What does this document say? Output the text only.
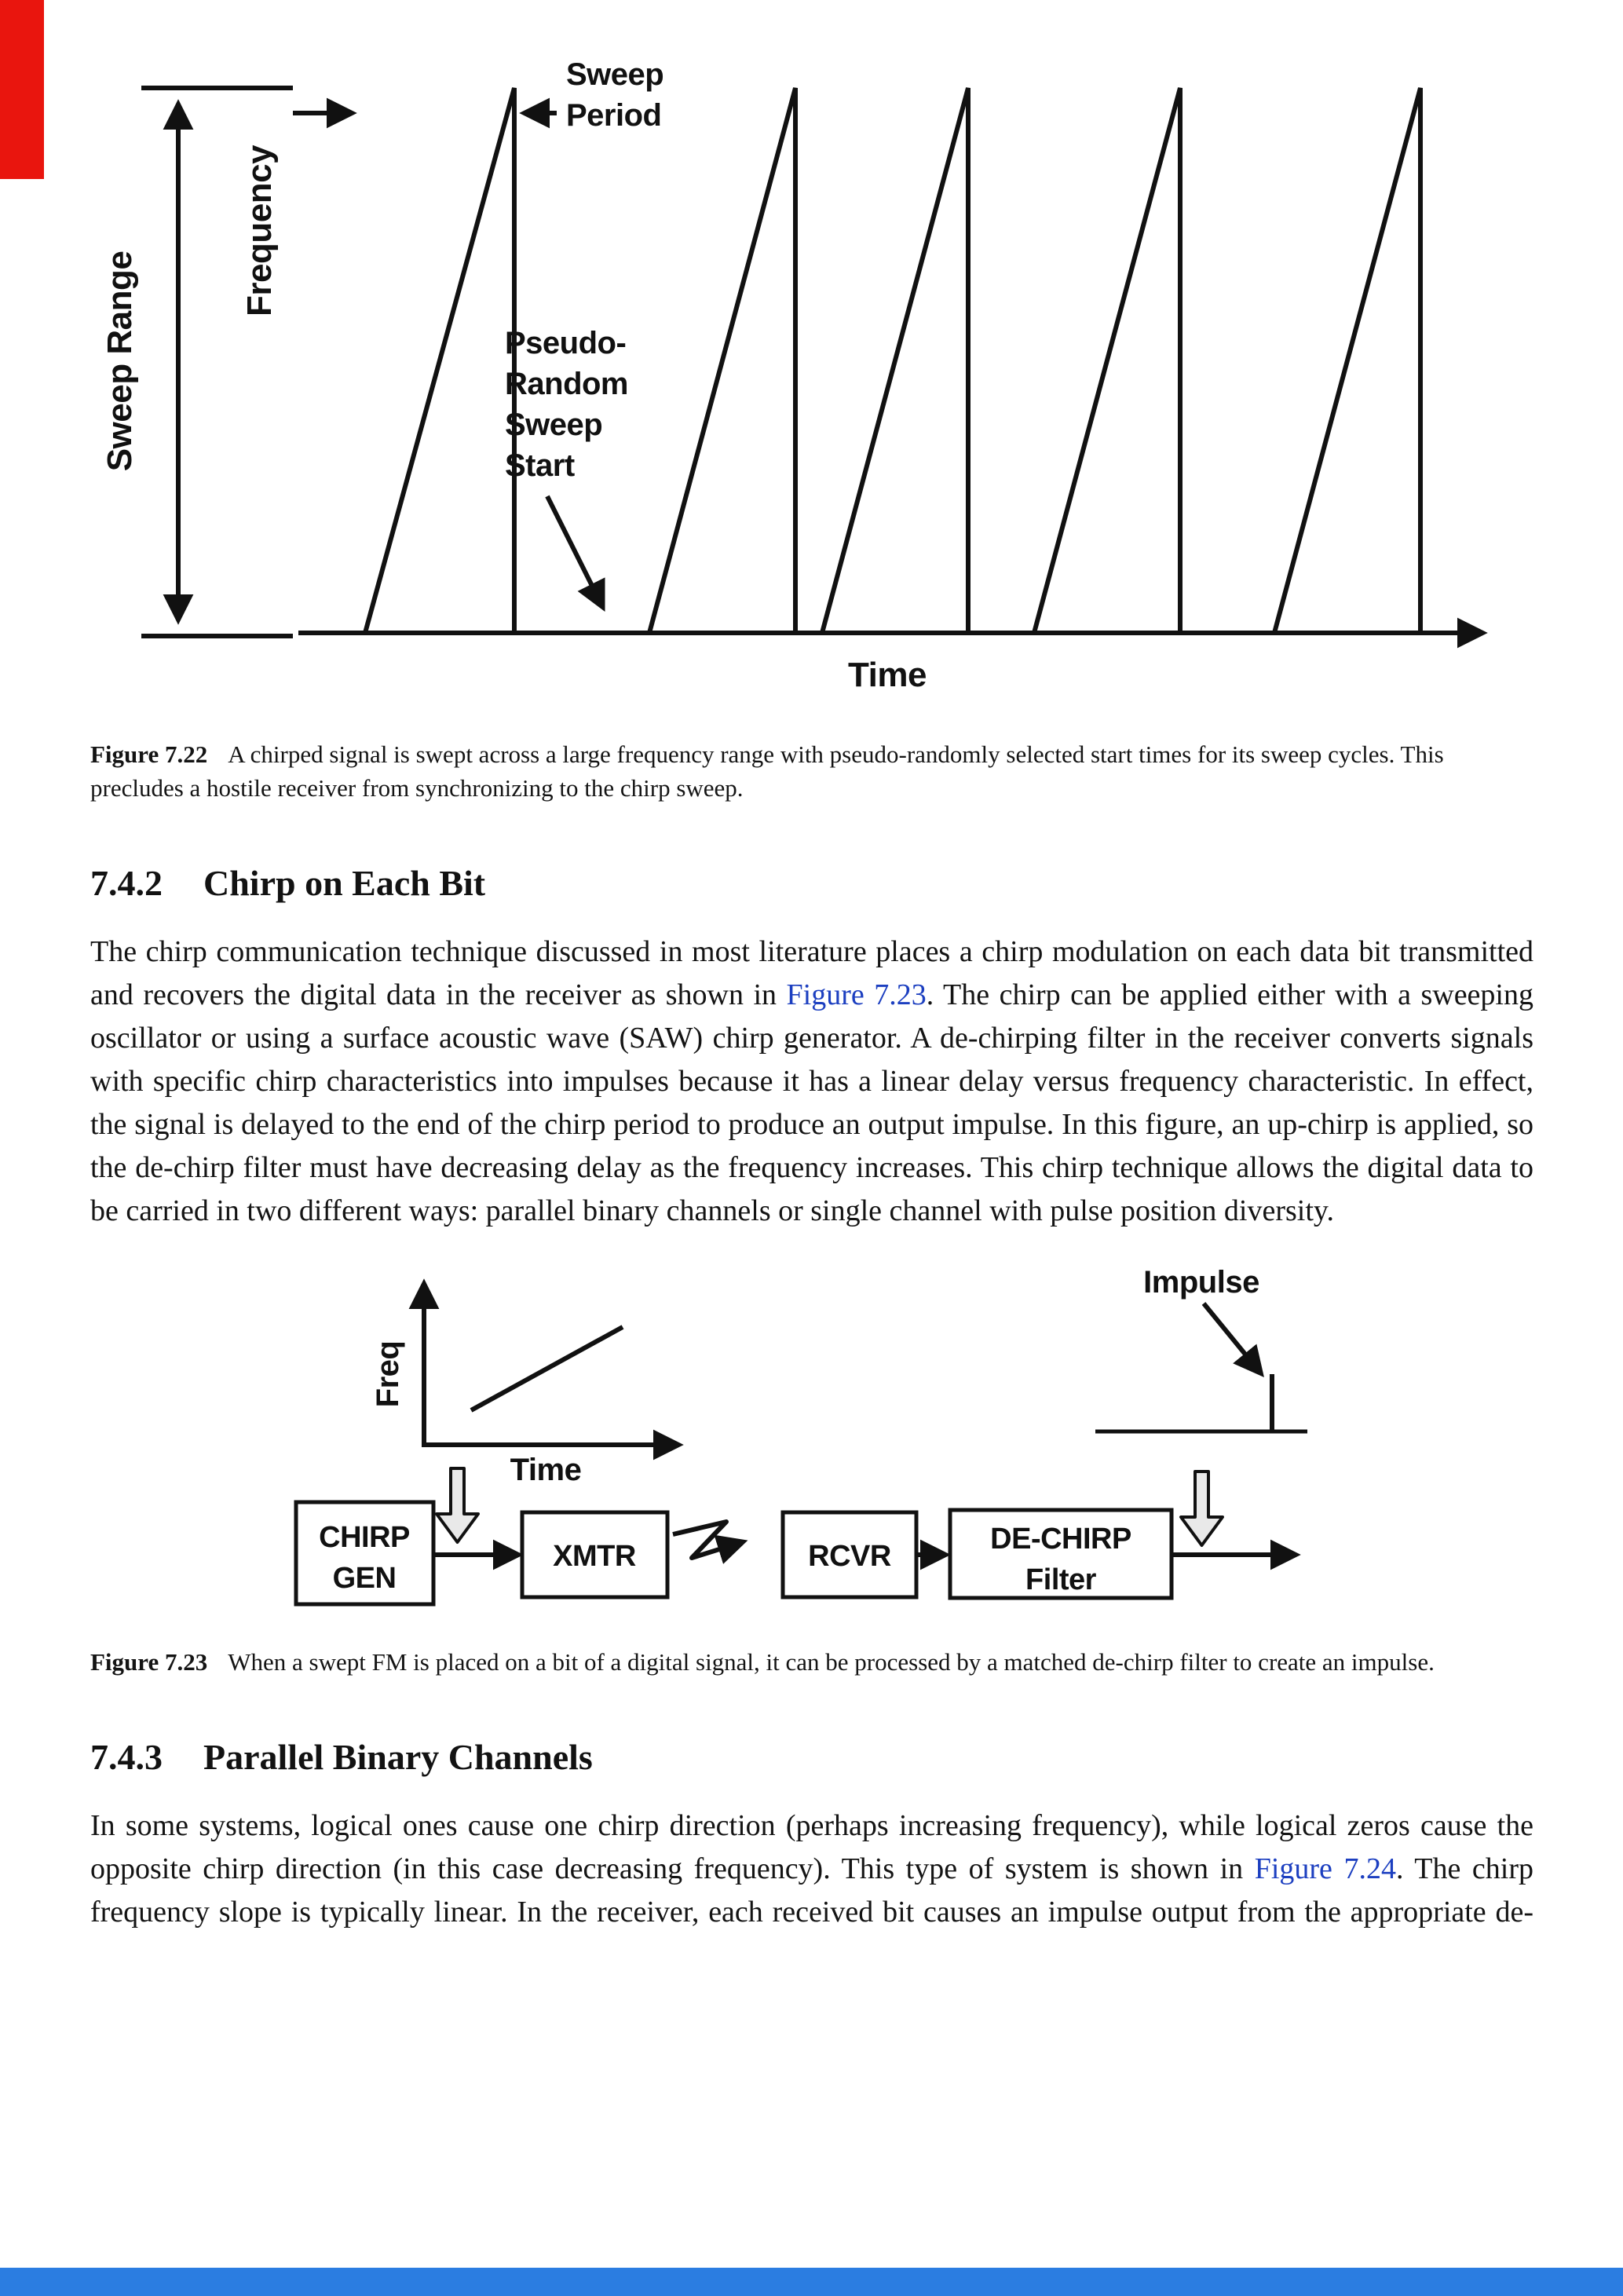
Sweep Range
Frequency
Sweep
Period
Pseudo-
Random
Sweep
Start
Time

Figure 7.22 A chirped signal is swept across a large frequency range with pseudo-randomly selected start times for its sweep cycles. This precludes a hostile receiver from synchronizing to the chirp sweep.

7.4.2 Chirp on Each Bit

The chirp communication technique discussed in most literature places a chirp modulation on each data bit transmitted and recovers the digital data in the receiver as shown in Figure 7.23. The chirp can be applied either with a sweeping oscillator or using a surface acoustic wave (SAW) chirp generator. A de-chirping filter in the receiver converts signals with specific chirp characteristics into impulses because it has a linear delay versus frequency characteristic. In effect, the signal is delayed to the end of the chirp period to produce an output impulse. In this figure, an up-chirp is applied, so the de-chirp filter must have decreasing delay as the frequency increases. This chirp technique allows the digital data to be carried in two different ways: parallel binary channels or single channel with pulse position diversity.

Freq
Time
Impulse
CHIRP
GEN
XMTR	RCVR
DE-CHIRP
Filter

Figure 7.23 When a swept FM is placed on a bit of a digital signal, it can be processed by a matched de-chirp filter to create an impulse.

7.4.3 Parallel Binary Channels

In some systems, logical ones cause one chirp direction (perhaps increasing frequency), while logical zeros cause the opposite chirp direction (in this case decreasing frequency). This type of system is shown in Figure 7.24. The chirp frequency slope is typically linear. In the receiver, each received bit causes an impulse output from the appropriate de-
